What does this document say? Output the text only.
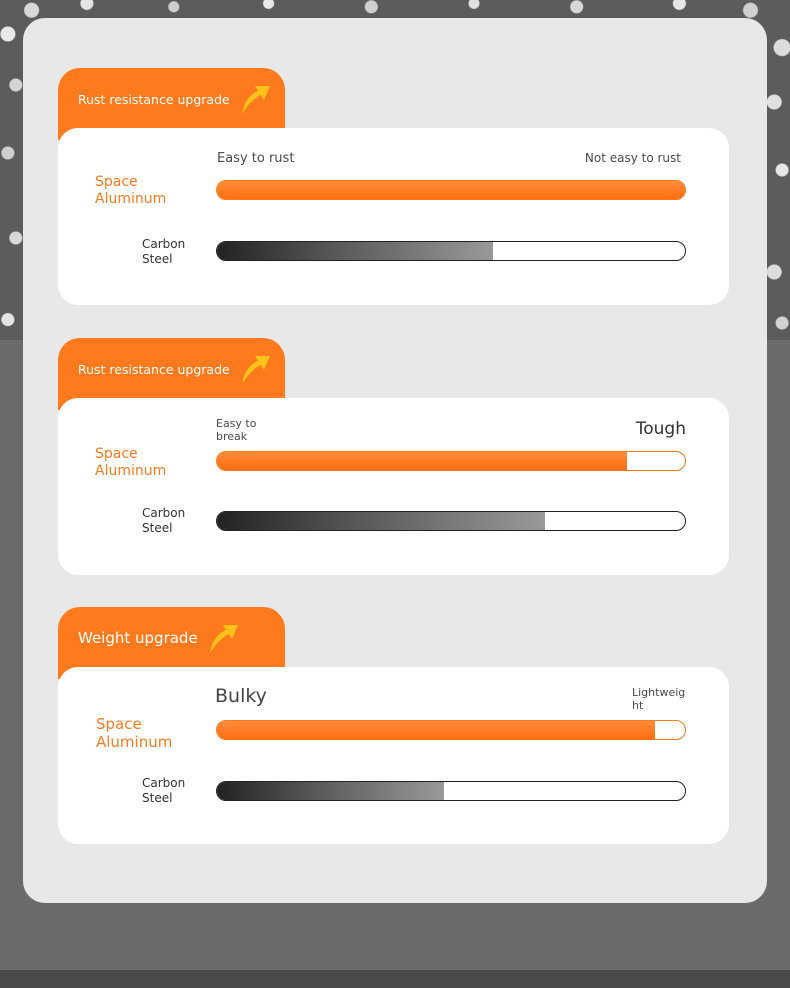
Rust resistance upgrade
Easy to rust	Not easy to rust
Space
Aluminum
Carbon
Steel
Rust resistance upgrade
Easy to
break	Tough
Space
Aluminum
Carbon
Steel
Weight upgrade
Bulky	Lightweig
ht
Space
Aluminum
Carbon
Steel
